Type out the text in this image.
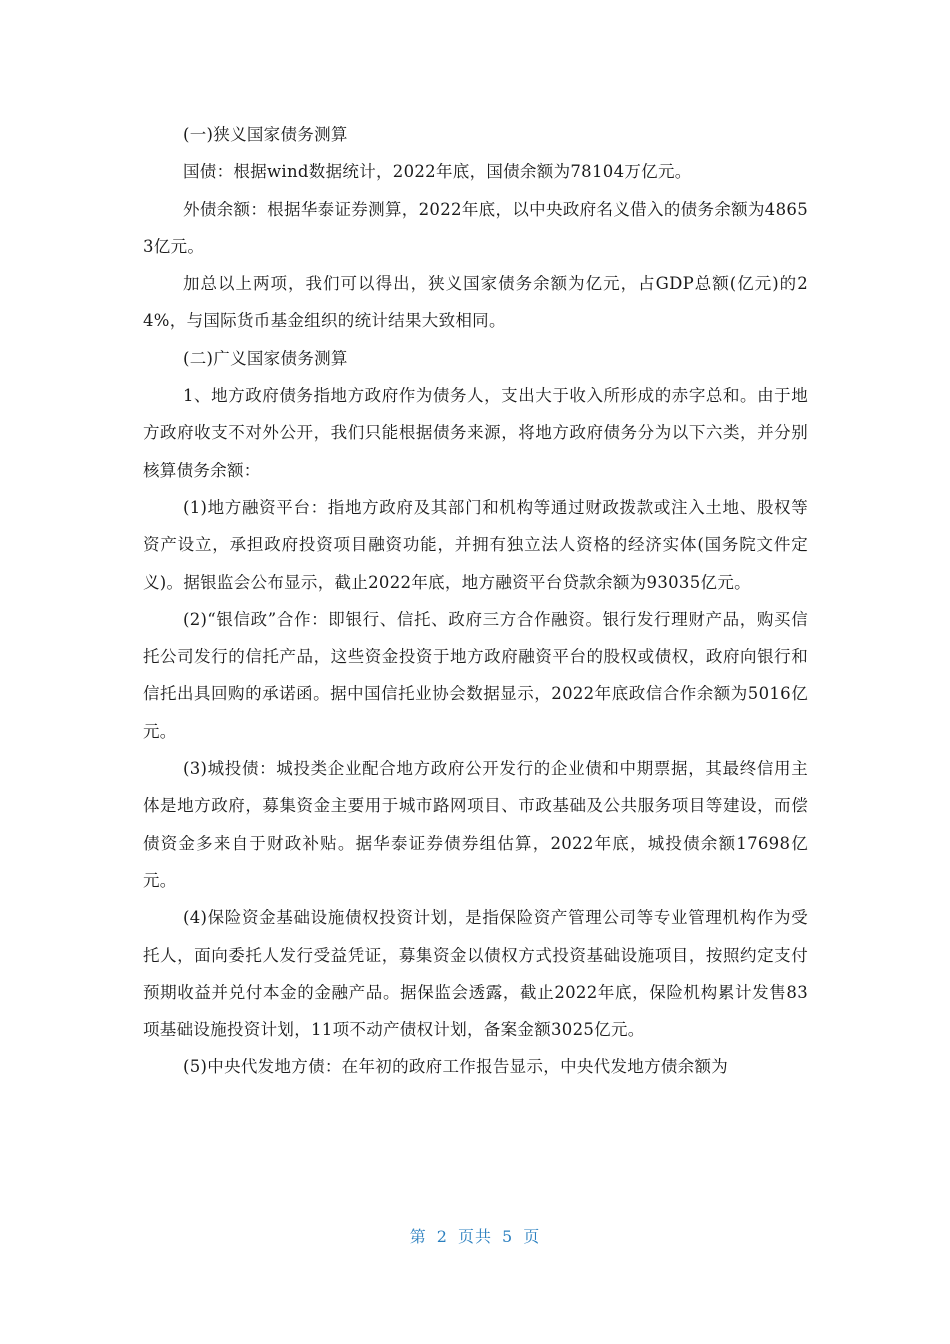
(一)狭义国家债务测算

国债：根据wind数据统计，2022年底，国债余额为78104万亿元。

外债余额：根据华泰证券测算，2022年底，以中央政府名义借入的债务余额为48653亿元。

加总以上两项，我们可以得出，狭义国家债务余额为亿元，占GDP总额(亿元)的24%，与国际货币基金组织的统计结果大致相同。

(二)广义国家债务测算

1、地方政府债务指地方政府作为债务人，支出大于收入所形成的赤字总和。由于地方政府收支不对外公开，我们只能根据债务来源，将地方政府债务分为以下六类，并分别核算债务余额：

(1)地方融资平台：指地方政府及其部门和机构等通过财政拨款或注入土地、股权等资产设立，承担政府投资项目融资功能，并拥有独立法人资格的经济实体(国务院文件定义)。据银监会公布显示，截止2022年底，地方融资平台贷款余额为93035亿元。

(2)“银信政”合作：即银行、信托、政府三方合作融资。银行发行理财产品，购买信托公司发行的信托产品，这些资金投资于地方政府融资平台的股权或债权，政府向银行和信托出具回购的承诺函。据中国信托业协会数据显示，2022年底政信合作余额为5016亿元。

(3)城投债：城投类企业配合地方政府公开发行的企业债和中期票据，其最终信用主体是地方政府，募集资金主要用于城市路网项目、市政基础及公共服务项目等建设，而偿债资金多来自于财政补贴。据华泰证券债券组估算，2022年底，城投债余额17698亿元。

(4)保险资金基础设施债权投资计划，是指保险资产管理公司等专业管理机构作为受托人，面向委托人发行受益凭证，募集资金以债权方式投资基础设施项目，按照约定支付预期收益并兑付本金的金融产品。据保监会透露，截止2022年底，保险机构累计发售83项基础设施投资计划，11项不动产债权计划，备案金额3025亿元。

(5)中央代发地方债：在年初的政府工作报告显示，中央代发地方债余额为

第 2 页共 5 页
